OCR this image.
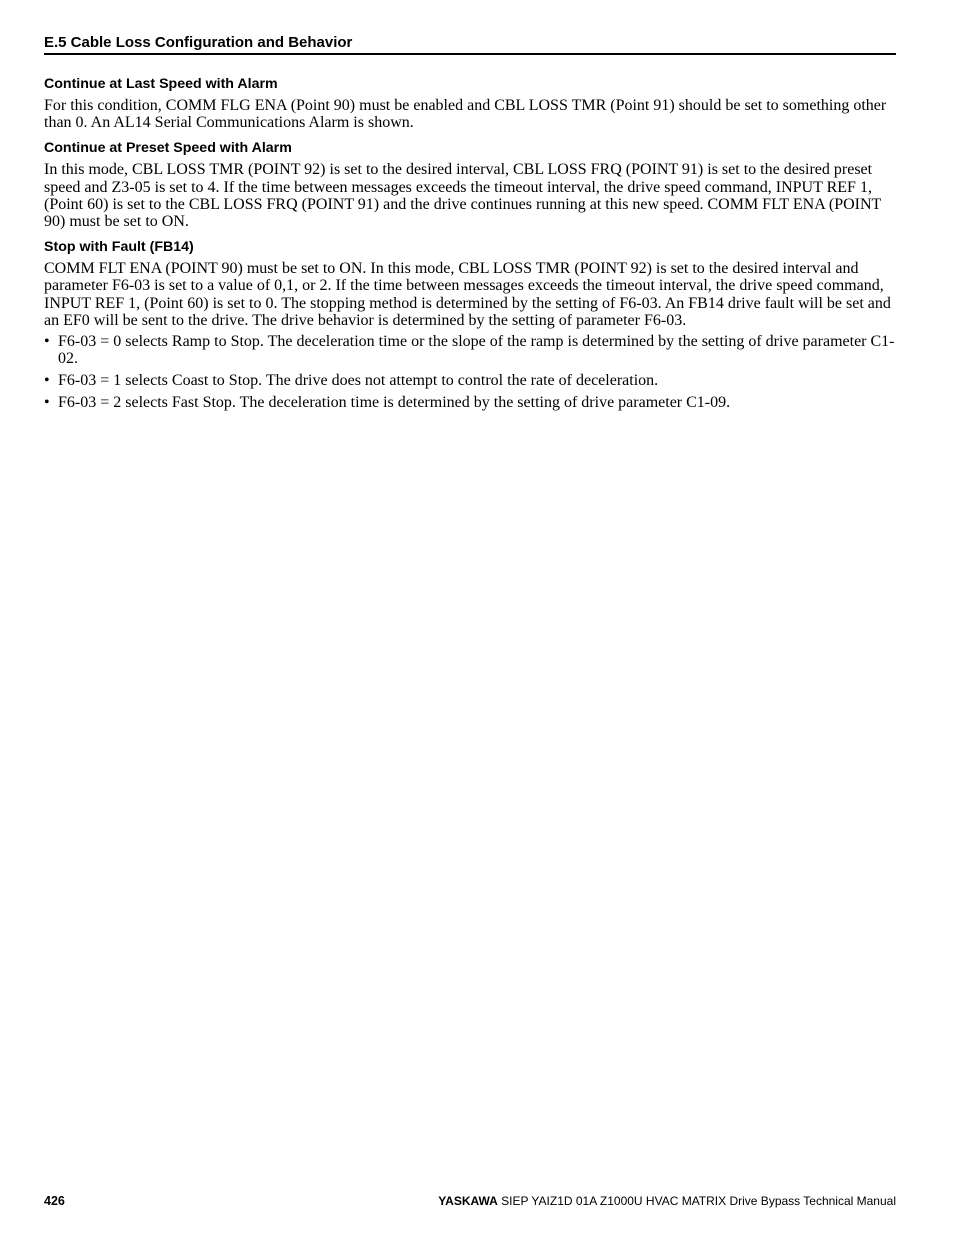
E.5 Cable Loss Configuration and Behavior
Continue at Last Speed with Alarm

For this condition, COMM FLG ENA (Point 90) must be enabled and CBL LOSS TMR (Point 91) should be set to something other than 0. An AL14 Serial Communications Alarm is shown.

Continue at Preset Speed with Alarm

In this mode, CBL LOSS TMR (POINT 92) is set to the desired interval, CBL LOSS FRQ (POINT 91) is set to the desired preset speed and Z3-05 is set to 4. If the time between messages exceeds the timeout interval, the drive speed command, INPUT REF 1, (Point 60) is set to the CBL LOSS FRQ (POINT 91) and the drive continues running at this new speed. COMM FLT ENA (POINT 90) must be set to ON.

Stop with Fault (FB14)

COMM FLT ENA (POINT 90) must be set to ON. In this mode, CBL LOSS TMR (POINT 92) is set to the desired interval and parameter F6-03 is set to a value of 0,1, or 2. If the time between messages exceeds the timeout interval, the drive speed command, INPUT REF 1, (Point 60) is set to 0. The stopping method is determined by the setting of F6-03. An FB14 drive fault will be set and an EF0 will be sent to the drive. The drive behavior is determined by the setting of parameter F6-03.

• F6-03 = 0 selects Ramp to Stop. The deceleration time or the slope of the ramp is determined by the setting of drive parameter C1-02.
• F6-03 = 1 selects Coast to Stop. The drive does not attempt to control the rate of deceleration.
• F6-03 = 2 selects Fast Stop. The deceleration time is determined by the setting of drive parameter C1-09.
426	YASKAWA SIEP YAIZ1D 01A Z1000U HVAC MATRIX Drive Bypass Technical Manual
